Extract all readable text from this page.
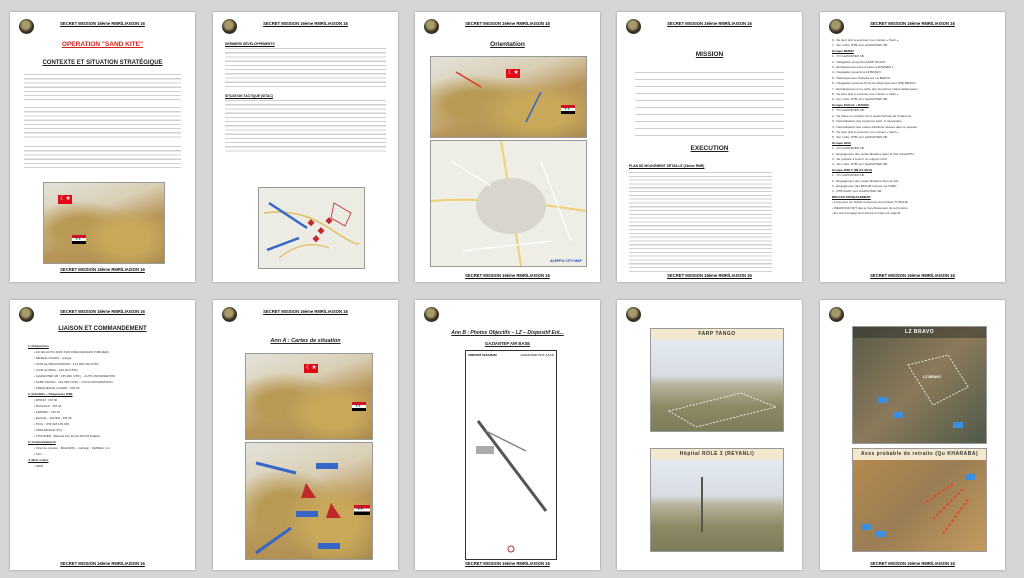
SECRET MISSION 16ème RMR/LIAISON 16
OPERATION "SAND KITE"
CONTEXTE ET SITUATION STRATÉGIQUE
☾★
★★
SECRET MISSION 16ème RMR/LIAISON 16
SECRET MISSION 16ème RMR/LIAISON 16
DERNIERS DÉVELOPPEMENTS
SITUATION TACTIQUE (SITAC)
SECRET MISSION 16ème RMR/LIAISON 16
Orientation
☾★
★★
ALEPPO CITY MAP
SECRET MISSION 16ème RMR/LIAISON 16
SECRET MISSION 16ème RMR/LIAISON 16
MISSION
EXECUTION
PLAN DE MOUVEMENT DÉTAILLÉ (16ème RMR)
SECRET MISSION 16ème RMR/LIAISON 16
SECRET MISSION 16ème RMR/LIAISON 16
6 - Se tient prêt à exécuter une mission « flash ».
7 - Sur ordre, RTB vers GAZIANTEP AB.
Groupe RHINO
1 - TO GAZIANTEP AB.
2 - Navigation jusqu'à la FARP TANGO.
3 - Embarquement des troupes à RAMSÉS 1.
4 - Navigation jusqu'à la LZ BRAVO.
5 - Débarquement d'assaut sur LZ BRAVO.
6 - Navigation jusqu'au Point de Regroupement (PR) BRAVO.
7 - Embarquement sur ordre des premières unités débarquées.
8 - Se tient prêt à exécuter une mission « flash ».
9 - Sur ordre, RTB vers GAZIANTEP AB.
Groupe EAGLE + RAVEN
1 - TO GAZIANTEP AB.
2 - Se place en position de tir avant l'arrivée de l'infanterie.
3 - Neutralisation des systèmes AAA, si nécessaire.
4 - Neutralisation des unités d'artillerie situées dans le quartier.
5 - Se tient prêt à exécuter une mission « flash ».
6 - Sur ordre, RTB vers GAZIANTEP AB.
Groupe HOG
1 - TO GAZIANTEP AB.
2 - Engagement des unités blindées dans la ville d'ALEPPO.
3 - Se prépare à fournir un support CAS.
4 - Sur ordre, RTB vers GAZIANTEP AB.
Groupe WOLF (MI-24 HILO)
1 - TO GAZIANTEP AB.
2 - Engagement des unités blindées dans la ville.
3 - Engagement des BTR-80 lorsque sur FARP.
4 - RTB ASAP vers GAZIANTEP AB.
RÈGLES D'ENGAGEMENT
• Armement sur SAFE au-dessus du territoire TURQUE.
• WEAPONS HOT dès le franchissement de la frontière.
• En cas d'engagement durant le trajet sur objectif.
SECRET MISSION 16ème RMR/LIAISON 16
SECRET MISSION 16ème RMR/LIAISON 16
LIAISON ET COMMANDEMENT
1. Fréquences
• AO EN AUTO-INFO SUR FRÉQUENCES PUBLIÉES
• RÉSEAU RADIO : orange
• COM GLOBAL/MISSION : 121,000 AM (VHF)
• COM GLOBAL : 243,00 (UHF)
• GAZIANTEP AB : 135,000 (VHF) – AUTO-INFORMATION
• FARP TANGO : 121,000 (VHF) – AUTO-INFORMATION
• FREQUENCE GUARD : 243,00
2. Indicatifs + fréquences (FM)
• RHINO : FM 30
• BUFFALO : FM 32
• FENNEC : FM 40
• EAGLE – RAVEN : FM 36
• HOG : VHF AM 135.000
• SHELDRAKE (PC) :
• THUNDER : Batterie Abr 10-20-100-46 Paladin
3. Commandement
• Chef de mission : BALDWIN – Callsign : FENNEC 1-1
• OIC : ...
4. Mots codes
• NRM
SECRET MISSION 16ème RMR/LIAISON 16
SECRET MISSION 16ème RMR/LIAISON 16
Ann A : Cartes de situation
☾★
★★
★★
Ann B : Photos Objectifs – LZ – Dispositif Ent...
GAZIANTEP AIR BASE
AIRPORT DIAGRAM	GAZIANTEP INTL (LTAJ)
SECRET MISSION 16ème RMR/LIAISON 16
FARP TANGO
Hôpital ROLE 3 (REYANLI)
LZ BRAVO
LZ BRAVO
Axes probable de retraite (Qu KHARABA)
SECRET MISSION 16ème RMR/LIAISON 16
